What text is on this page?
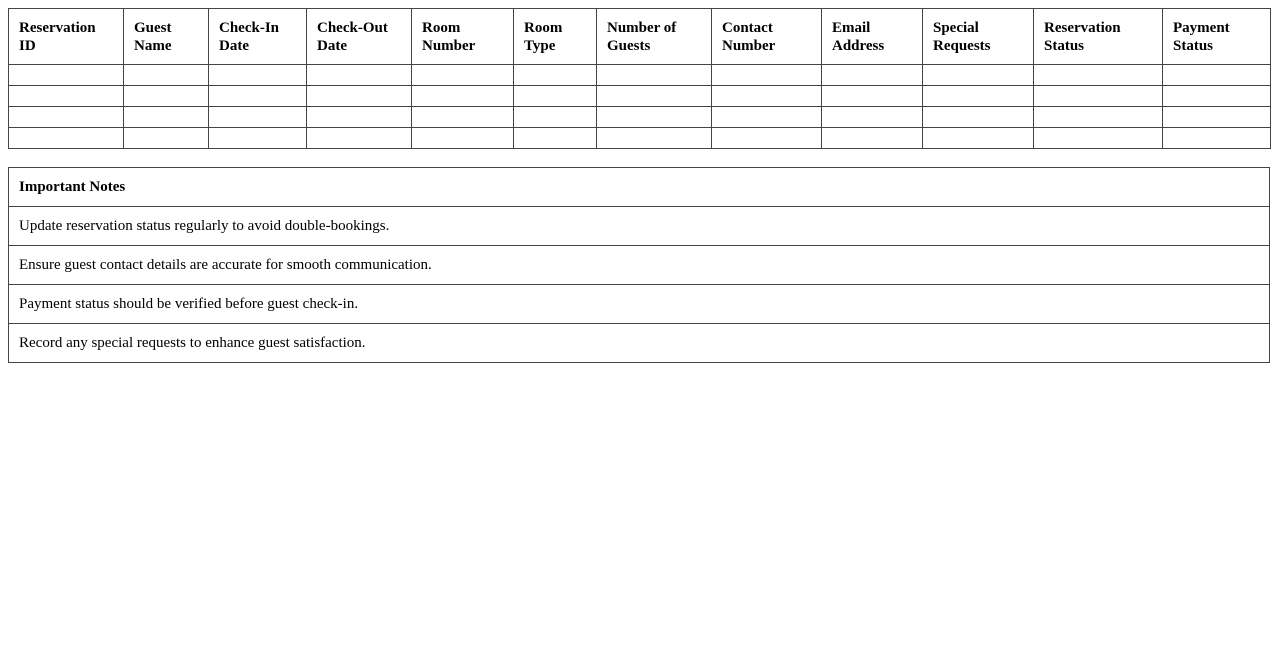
Reservation ID	Guest Name	Check-In Date	Check-Out Date	Room Number	Room Type	Number of Guests	Contact Number	Email Address	Special Requests	Reservation Status	Payment Status

Important Notes
Update reservation status regularly to avoid double-bookings.
Ensure guest contact details are accurate for smooth communication.
Payment status should be verified before guest check-in.
Record any special requests to enhance guest satisfaction.
